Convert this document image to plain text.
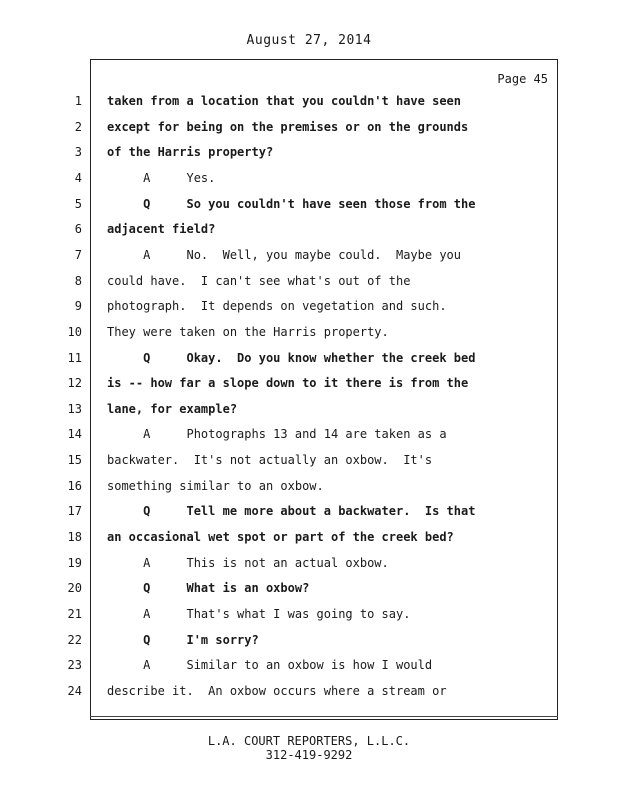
August 27, 2014
Page 45
1 taken from a location that you couldn't have seen
2 except for being on the premises or on the grounds
3 of the Harris property?
4 A     Yes.
5 Q     So you couldn't have seen those from the
6 adjacent field?
7 A     No.  Well, you maybe could.  Maybe you
8 could have.  I can't see what's out of the
9 photograph.  It depends on vegetation and such.
10 They were taken on the Harris property.
11 Q     Okay.  Do you know whether the creek bed
12 is -- how far a slope down to it there is from the
13 lane, for example?
14 A     Photographs 13 and 14 are taken as a
15 backwater.  It's not actually an oxbow.  It's
16 something similar to an oxbow.
17 Q     Tell me more about a backwater.  Is that
18 an occasional wet spot or part of the creek bed?
19 A     This is not an actual oxbow.
20 Q     What is an oxbow?
21 A     That's what I was going to say.
22 Q     I'm sorry?
23 A     Similar to an oxbow is how I would
24 describe it.  An oxbow occurs where a stream or
L.A. COURT REPORTERS, L.L.C.
312-419-9292
